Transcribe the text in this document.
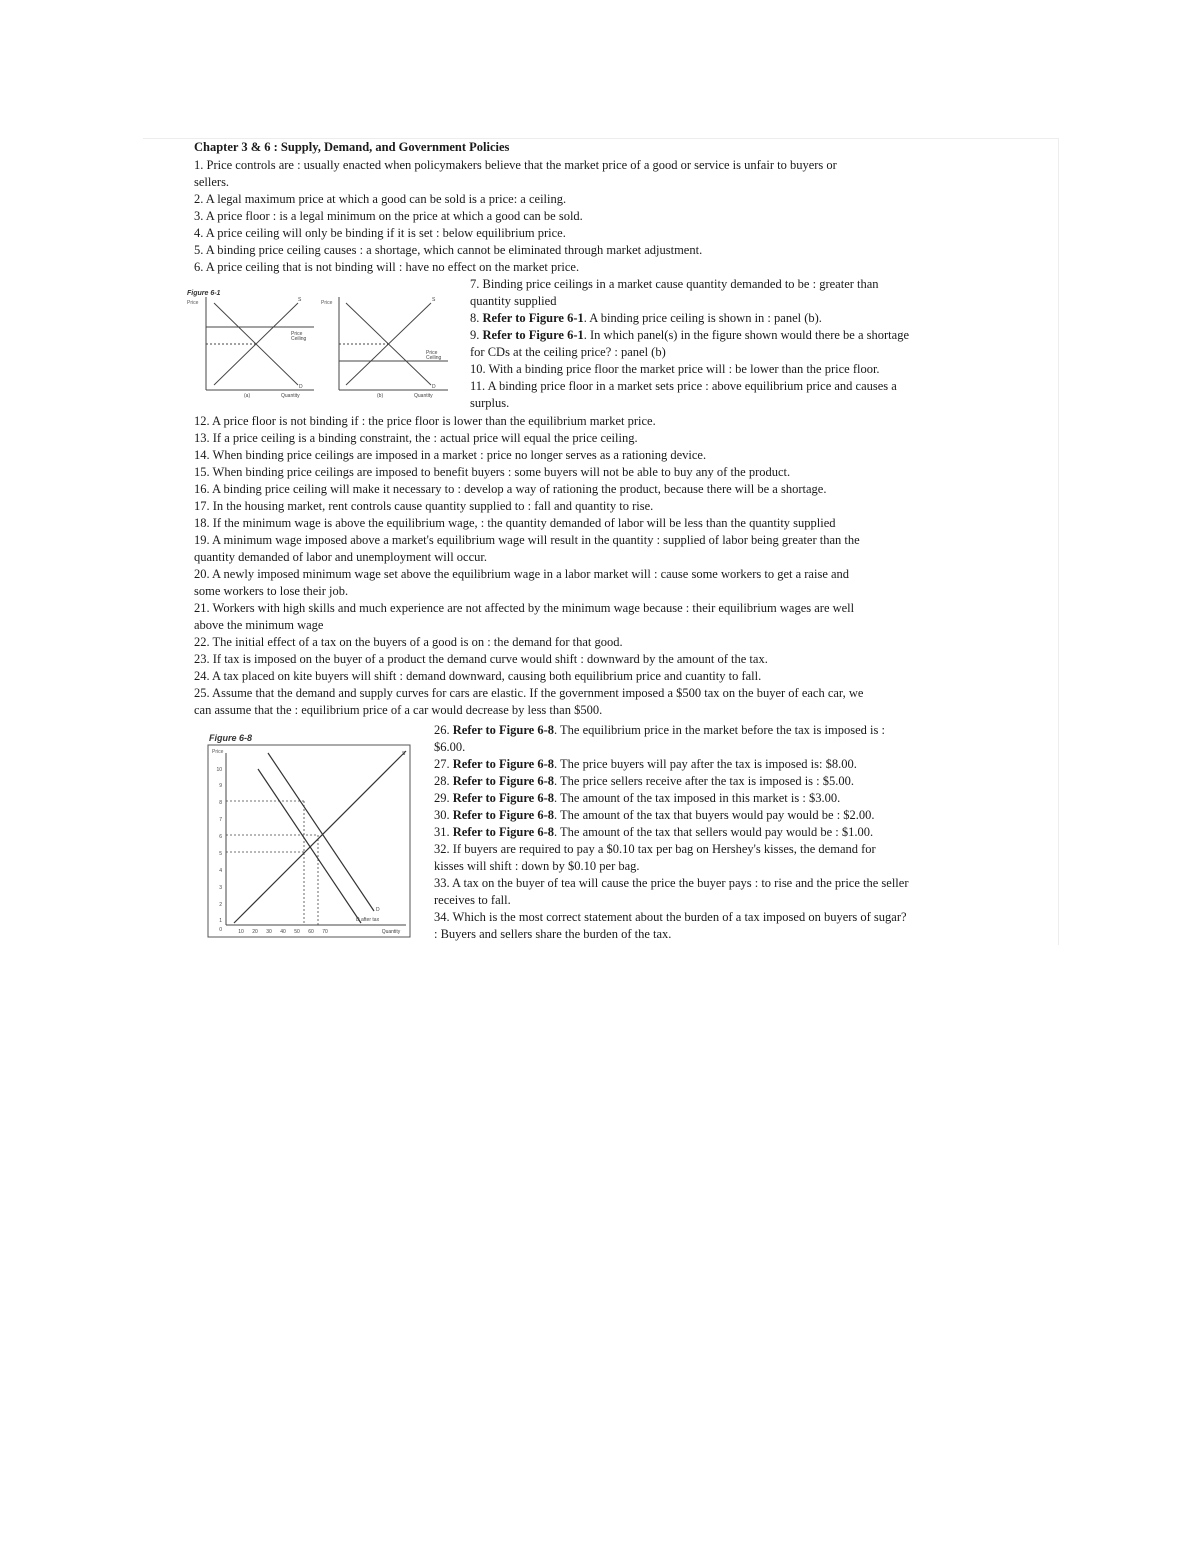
Chapter 3 & 6 : Supply, Demand, and Government Policies
1. Price controls are : usually enacted when policymakers believe that the market price of a good or service is unfair to buyers or
sellers.
2. A legal maximum price at which a good can be sold is a price: a ceiling.
3. A price floor : is a legal minimum on the price at which a good can be sold.
4. A price ceiling will only be binding if it is set : below equilibrium price.
5. A binding price ceiling causes : a shortage, which cannot be eliminated through market adjustment.
6. A price ceiling that is not binding will : have no effect on the market price.
7. Binding price ceilings in a market cause quantity demanded to be : greater than
quantity supplied
8. Refer to Figure 6-1. A binding price ceiling is shown in : panel (b).
9. Refer to Figure 6-1. In which panel(s) in the figure shown would there be a shortage
for CDs at the ceiling price? : panel (b)
10. With a binding price floor the market price will : be lower than the price floor.
11. A binding price floor in a market sets price : above equilibrium price and causes a
surplus.
12. A price floor is not binding if : the price floor is lower than the equilibrium market price.
13. If a price ceiling is a binding constraint, the : actual price will equal the price ceiling.
14. When binding price ceilings are imposed in a market : price no longer serves as a rationing device.
15. When binding price ceilings are imposed to benefit buyers : some buyers will not be able to buy any of the product.
16. A binding price ceiling will make it necessary to : develop a way of rationing the product, because there will be a shortage.
17. In the housing market, rent controls cause quantity supplied to : fall and quantity to rise.
18. If the minimum wage is above the equilibrium wage, : the quantity demanded of labor will be less than the quantity supplied
19. A minimum wage imposed above a market's equilibrium wage will result in the quantity : supplied of labor being greater than the
quantity demanded of labor and unemployment will occur.
20. A newly imposed minimum wage set above the equilibrium wage in a labor market will : cause some workers to get a raise and
some workers to lose their job.
21. Workers with high skills and much experience are not affected by the minimum wage because : their equilibrium wages are well
above the minimum wage
22. The initial effect of a tax on the buyers of a good is on : the demand for that good.
23. If tax is imposed on the buyer of a product the demand curve would shift : downward by the amount of the tax.
24. A tax placed on kite buyers will shift : demand downward, causing both equilibrium price and cuantity to fall.
25. Assume that the demand and supply curves for cars are elastic. If the government imposed a $500 tax on the buyer of each car, we
can assume that the : equilibrium price of a car would decrease by less than $500.
26. Refer to Figure 6-8. The equilibrium price in the market before the tax is imposed is :
$6.00.
27. Refer to Figure 6-8. The price buyers will pay after the tax is imposed is: $8.00.
28. Refer to Figure 6-8. The price sellers receive after the tax is imposed is : $5.00.
29. Refer to Figure 6-8. The amount of the tax imposed in this market is : $3.00.
30. Refer to Figure 6-8. The amount of the tax that buyers would pay would be : $2.00.
31. Refer to Figure 6-8. The amount of the tax that sellers would pay would be : $1.00.
32. If buyers are required to pay a $0.10 tax per bag on Hershey's kisses, the demand for
kisses will shift : down by $0.10 per bag.
33. A tax on the buyer of tea will cause the price the buyer pays : to rise and the price the seller
receives to fall.
34. Which is the most correct statement about the burden of a tax imposed on buyers of sugar?
: Buyers and sellers share the burden of the tax.
Figure 6-1
Price	S
D
Price
Ceiling
(a)	Quantity
Price	S
D
Price
Ceiling
(b)	Quantity
Figure 6-8
Price
10
9
8
7
6
5
4
3
2
1
0	10 20 30 40 50 60 70	Quantity
S
D
D after tax
